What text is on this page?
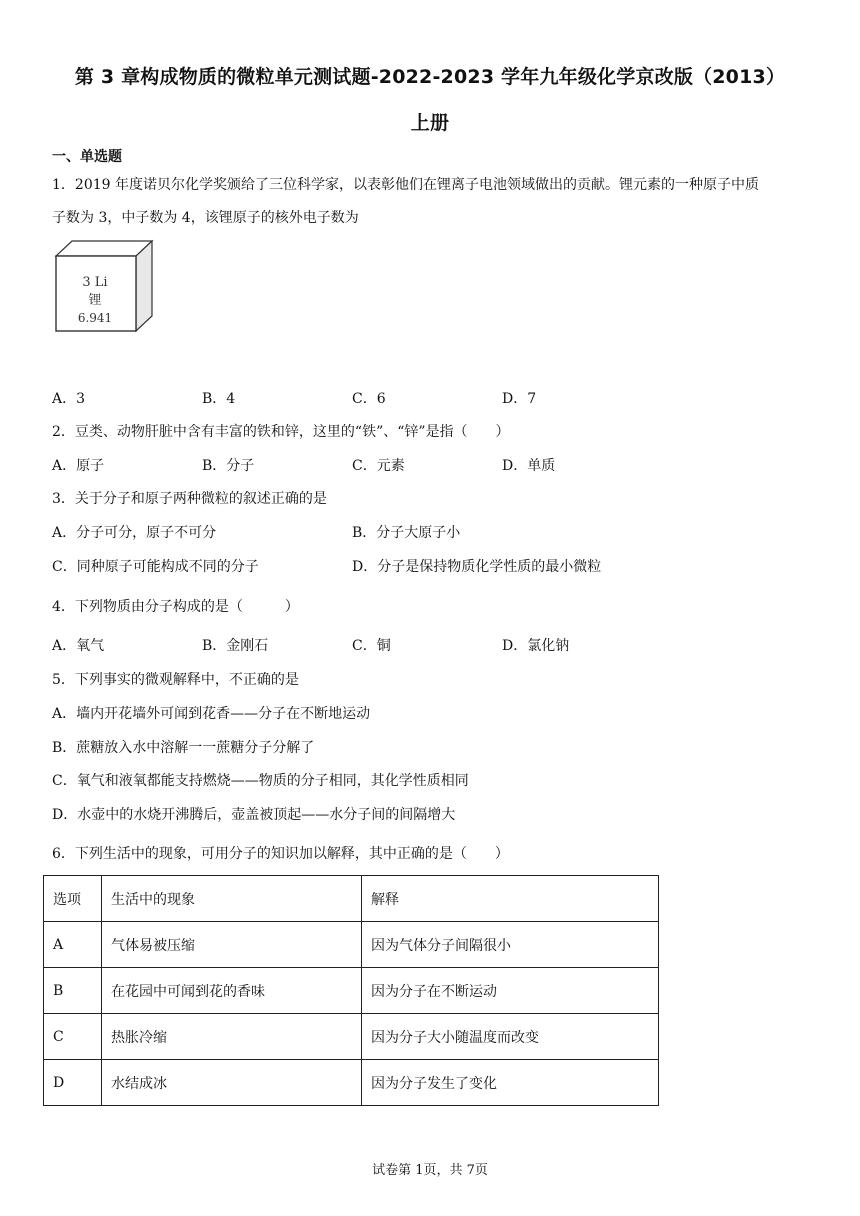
第 3 章构成物质的微粒单元测试题-2022-2023 学年九年级化学京改版（2013）
上册
一、单选题
1．2019 年度诺贝尔化学奖颁给了三位科学家，以表彰他们在锂离子电池领域做出的贡献。锂元素的一种原子中质
子数为 3，中子数为 4，该锂原子的核外电子数为
3 Li
锂
6.941
A．3	B．4	C．6	D．7
2．豆类、动物肝脏中含有丰富的铁和锌，这里的“铁”、“锌”是指（　　）
A．原子	B．分子	C．元素	D．单质
3．关于分子和原子两种微粒的叙述正确的是
A．分子可分，原子不可分	B．分子大原子小
C．同种原子可能构成不同的分子	D．分子是保持物质化学性质的最小微粒
4．下列物质由分子构成的是（　　　）
A．氧气	B．金刚石	C．铜	D．氯化钠
5．下列事实的微观解释中，不正确的是
A．墙内开花墙外可闻到花香——分子在不断地运动
B．蔗糖放入水中溶解一一蔗糖分子分解了
C．氧气和液氧都能支持燃烧——物质的分子相同，其化学性质相同
D．水壶中的水烧开沸腾后，壶盖被顶起——水分子间的间隔增大
6．下列生活中的现象，可用分子的知识加以解释，其中正确的是（　　）
选项	生活中的现象	解释
A	气体易被压缩	因为气体分子间隔很小
B	在花园中可闻到花的香味	因为分子在不断运动
C	热胀冷缩	因为分子大小随温度而改变
D	水结成冰	因为分子发生了变化
试卷第 1页，共 7页
